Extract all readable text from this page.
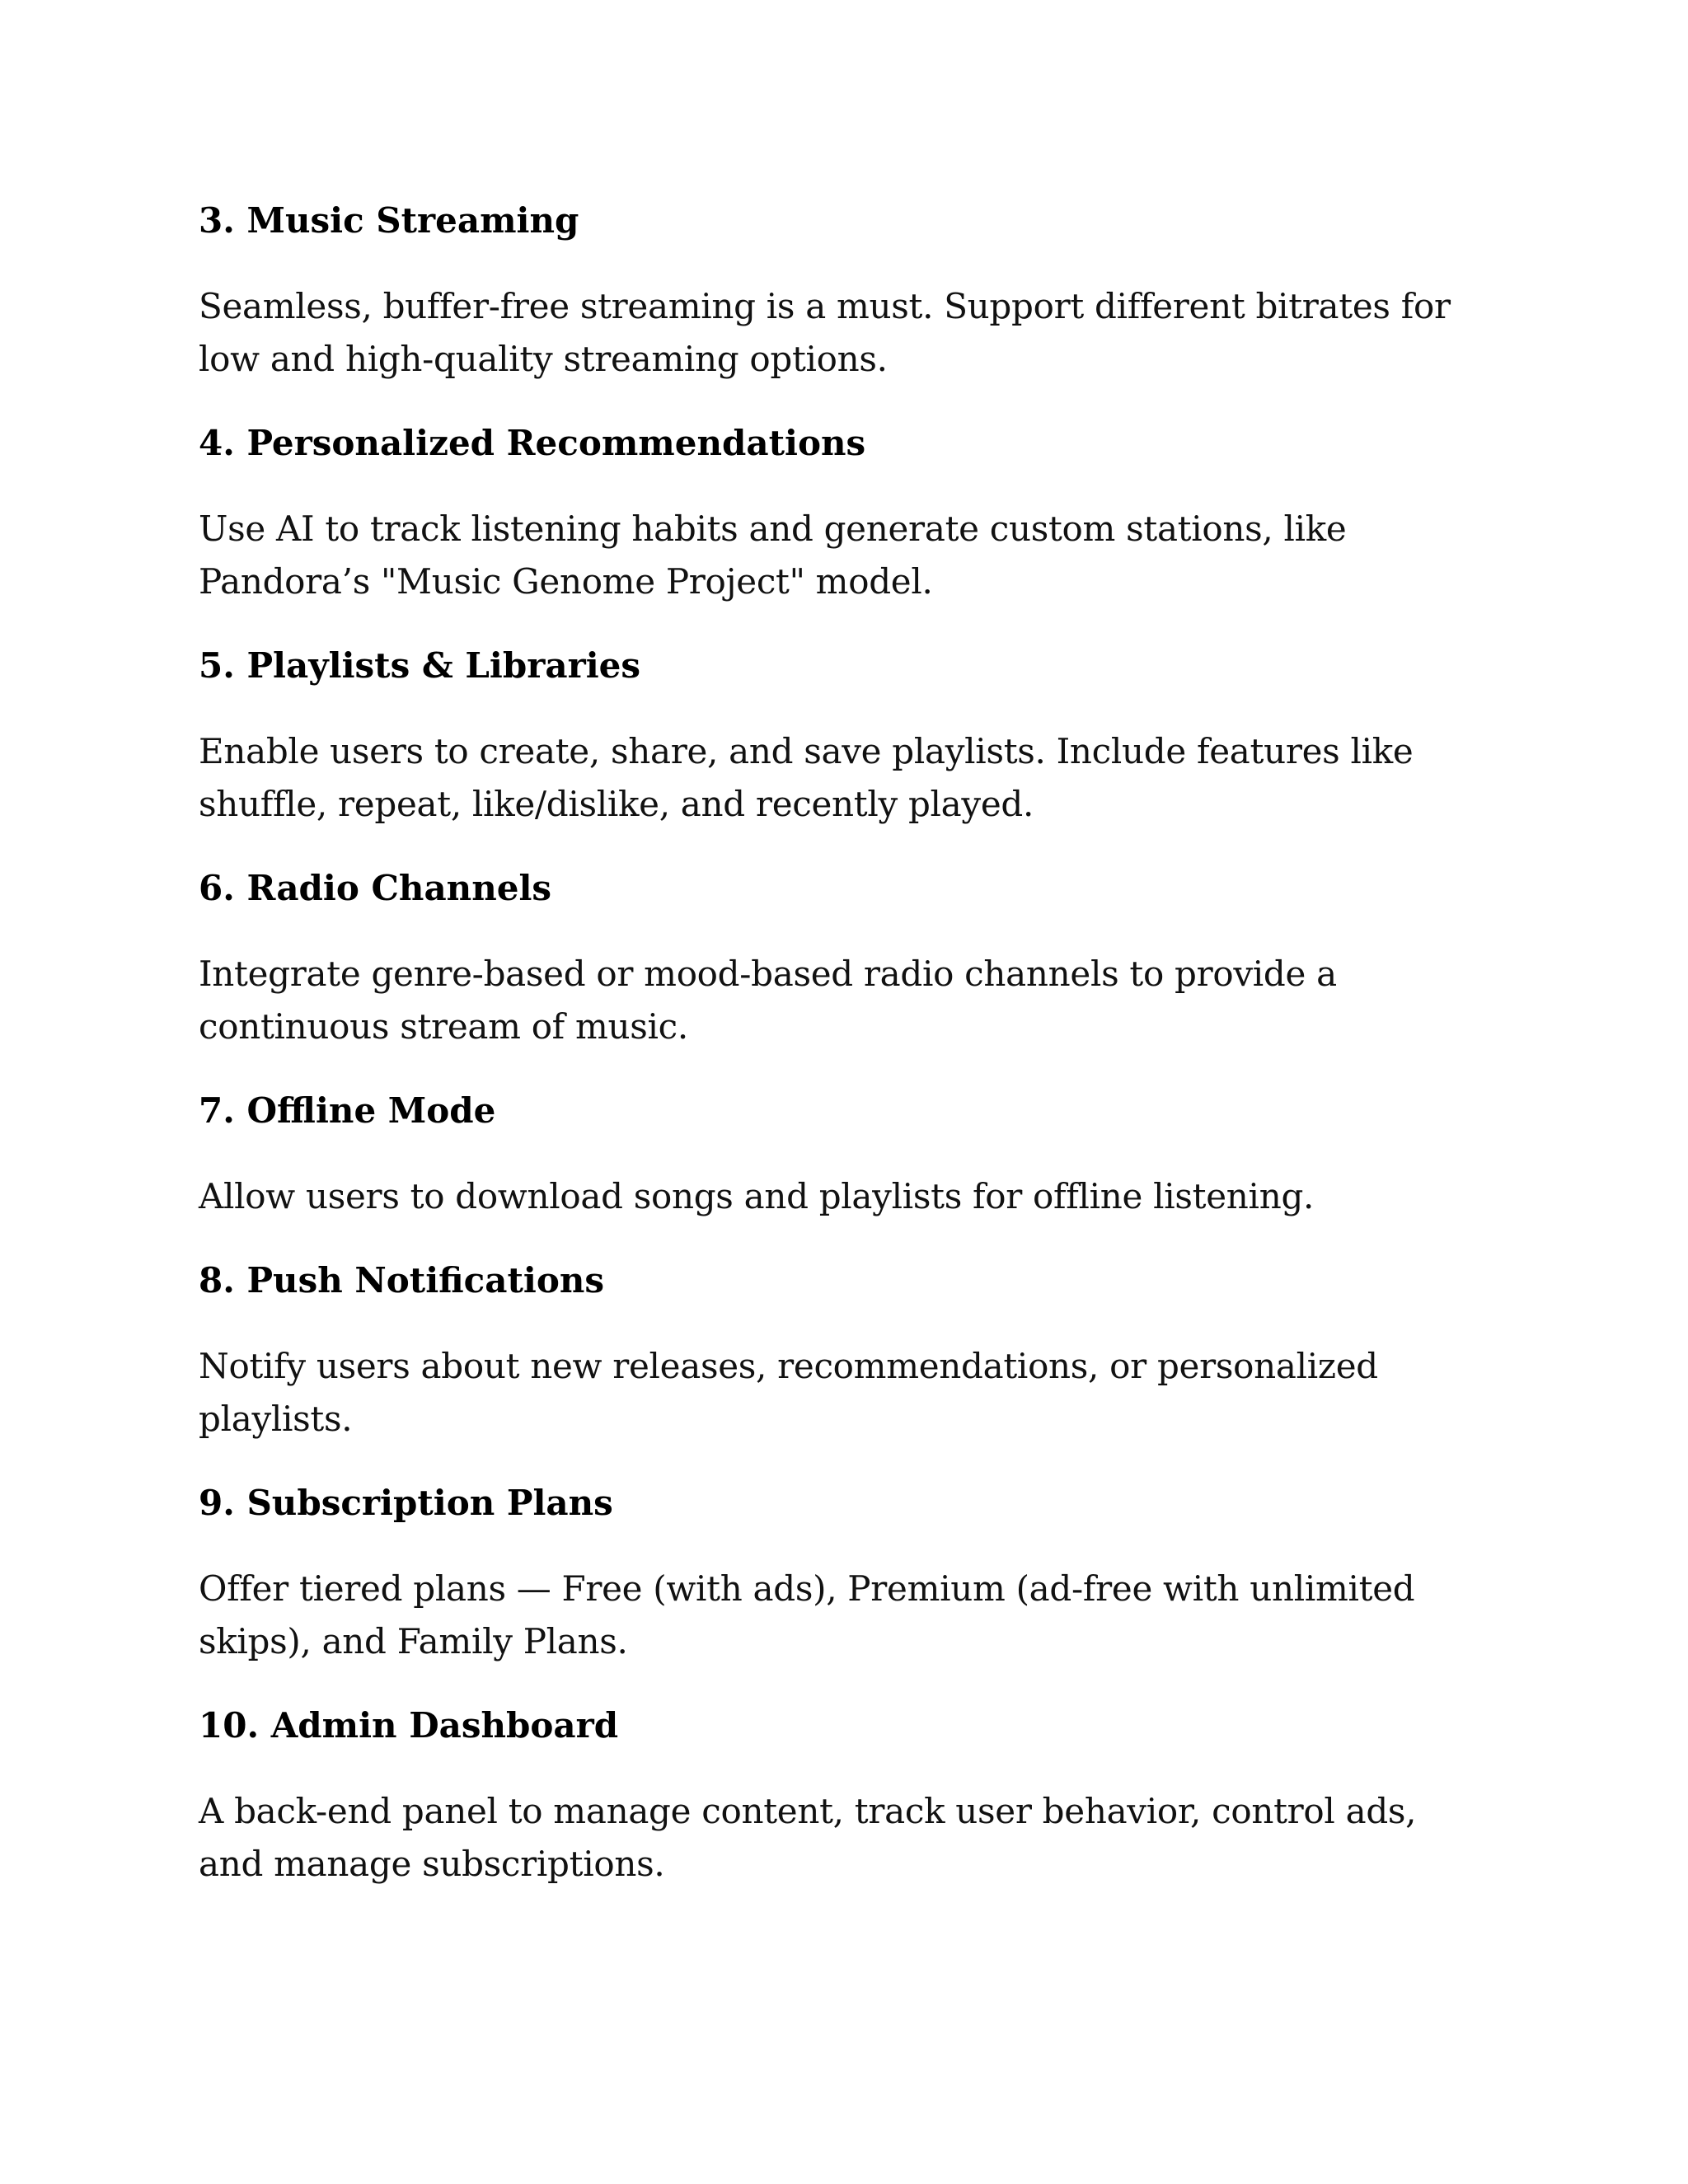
3. Music Streaming
Seamless, buffer-free streaming is a must. Support different bitrates for low and high-quality streaming options.
4. Personalized Recommendations
Use AI to track listening habits and generate custom stations, like Pandora’s "Music Genome Project" model.
5. Playlists & Libraries
Enable users to create, share, and save playlists. Include features like shuffle, repeat, like/dislike, and recently played.
6. Radio Channels
Integrate genre-based or mood-based radio channels to provide a continuous stream of music.
7. Offline Mode
Allow users to download songs and playlists for offline listening.
8. Push Notifications
Notify users about new releases, recommendations, or personalized playlists.
9. Subscription Plans
Offer tiered plans — Free (with ads), Premium (ad-free with unlimited skips), and Family Plans.
10. Admin Dashboard
A back-end panel to manage content, track user behavior, control ads, and manage subscriptions.
